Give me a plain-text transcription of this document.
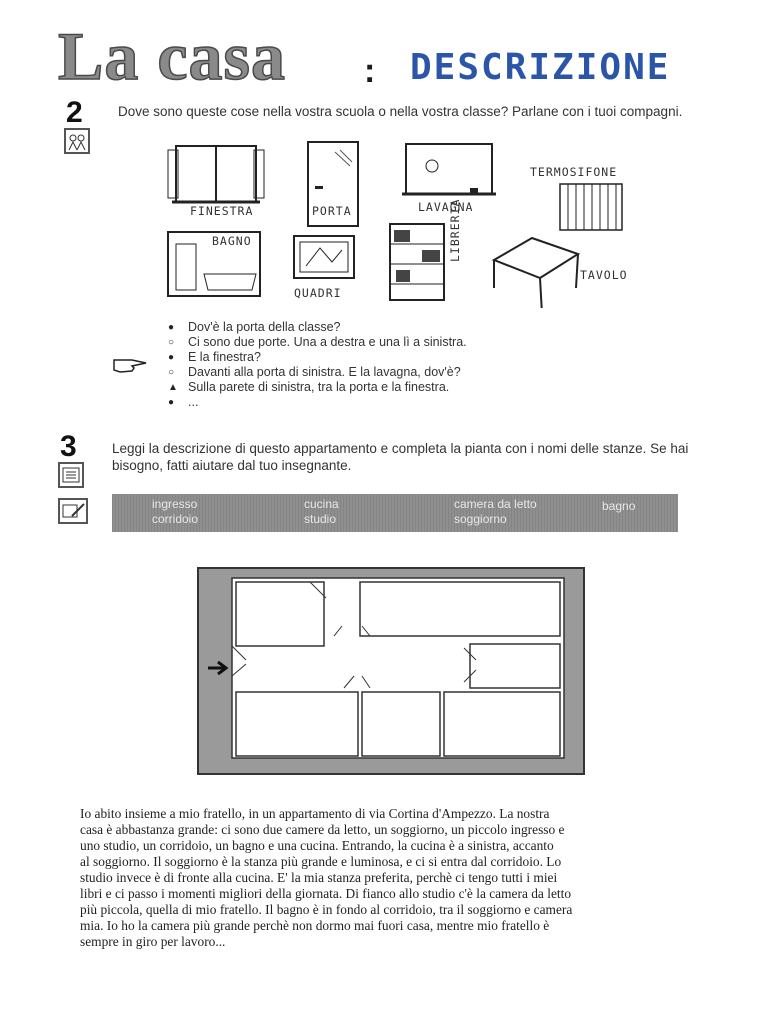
La casa : DESCRIZIONE
2	Dove sono queste cose nella vostra scuola o nella vostra classe? Parlane con i tuoi compagni.
FINESTRA	PORTA	LAVAGNA
TERMOSIFONE
BAGNO
QUADRI
LIBRERIA
TAVOLO
●	Dov'è la porta della classe?
○	Ci sono due porte. Una a destra e una lì a sinistra.
●	E la finestra?
○	Davanti alla porta di sinistra. E la lavagna, dov'è?
▲ Sulla parete di sinistra, tra la porta e la finestra.
●	...
3	Leggi la descrizione di questo appartamento e completa la pianta con i nomi delle stanze. Se hai
bisogno, fatti aiutare dal tuo insegnante.
ingresso
corridoio
cucina
studio
camera da letto
soggiorno
bagno
Io abito insieme a mio fratello, in un appartamento di via Cortina d'Ampezzo. La nostra
casa è abbastanza grande: ci sono due camere da letto, un soggiorno, un piccolo ingresso e
uno studio, un corridoio, un bagno e una cucina. Entrando, la cucina è a sinistra, accanto
al soggiorno. Il soggiorno è la stanza più grande e luminosa, e ci si entra dal corridoio. Lo
studio invece è di fronte alla cucina. E' la mia stanza preferita, perchè ci tengo tutti i miei
libri e ci passo i momenti migliori della giornata. Di fianco allo studio c'è la camera da letto
più piccola, quella di mio fratello. Il bagno è in fondo al corridoio, tra il soggiorno e camera
mia. Io ho la camera più grande perchè non dormo mai fuori casa, mentre mio fratello è
sempre in giro per lavoro...
